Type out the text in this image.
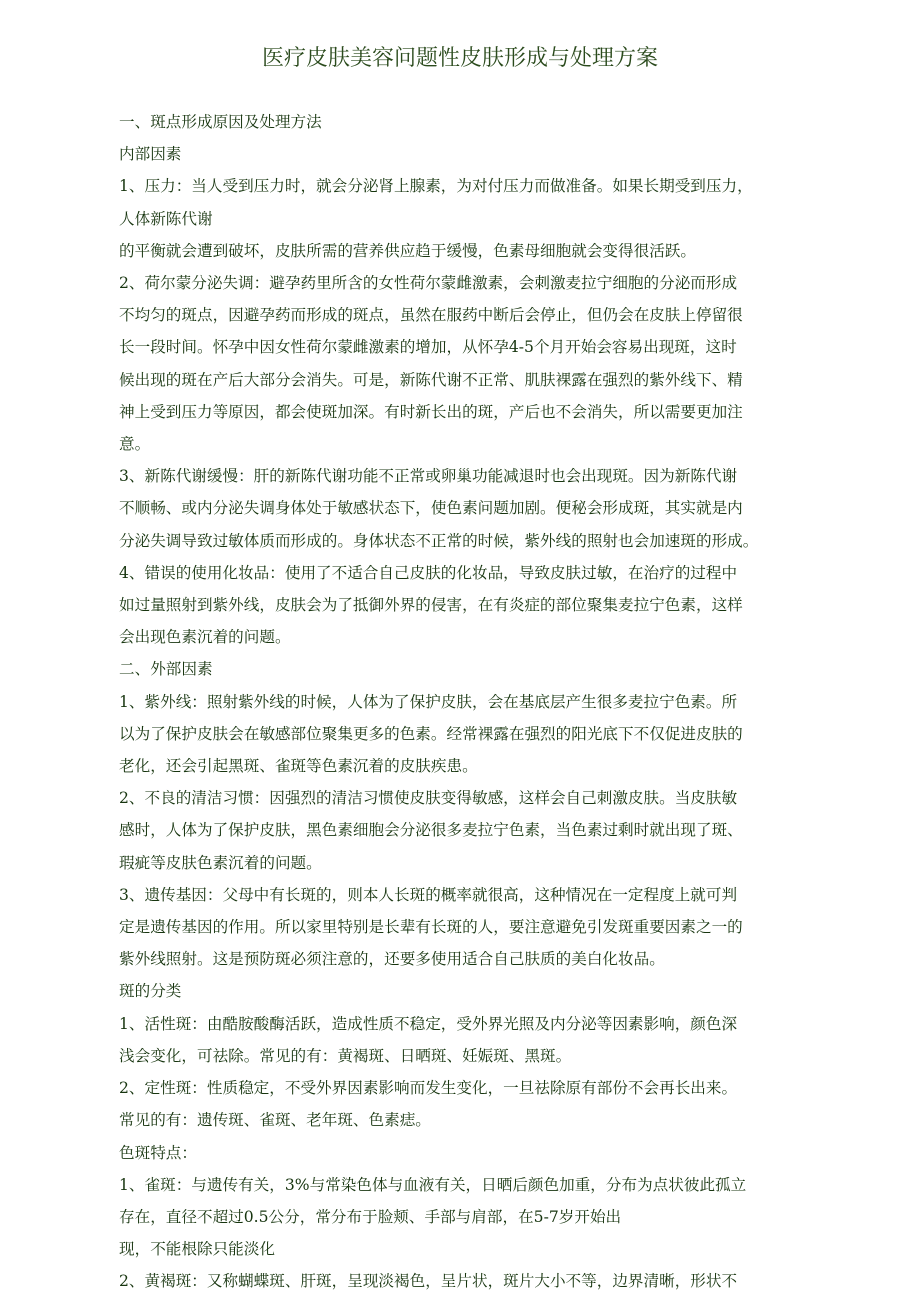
医疗皮肤美容问题性皮肤形成与处理方案

一、斑点形成原因及处理方法

内部因素

1、压力：当人受到压力时，就会分泌肾上腺素，为对付压力而做准备。如果长期受到压力，
人体新陈代谢

的平衡就会遭到破坏，皮肤所需的营养供应趋于缓慢，色素母细胞就会变得很活跃。

2、荷尔蒙分泌失调：避孕药里所含的女性荷尔蒙雌激素，会刺激麦拉宁细胞的分泌而形成
不均匀的斑点，因避孕药而形成的斑点，虽然在服药中断后会停止，但仍会在皮肤上停留很
长一段时间。怀孕中因女性荷尔蒙雌激素的增加，从怀孕4-5个月开始会容易出现斑，这时
候出现的斑在产后大部分会消失。可是，新陈代谢不正常、肌肤裸露在强烈的紫外线下、精
神上受到压力等原因，都会使斑加深。有时新长出的斑，产后也不会消失，所以需要更加注
意。

3、新陈代谢缓慢：肝的新陈代谢功能不正常或卵巢功能减退时也会出现斑。因为新陈代谢
不顺畅、或内分泌失调身体处于敏感状态下，使色素问题加剧。便秘会形成斑，其实就是内
分泌失调导致过敏体质而形成的。身体状态不正常的时候，紫外线的照射也会加速斑的形成。

4、错误的使用化妆品：使用了不适合自己皮肤的化妆品，导致皮肤过敏，在治疗的过程中
如过量照射到紫外线，皮肤会为了抵御外界的侵害，在有炎症的部位聚集麦拉宁色素，这样
会出现色素沉着的问题。

二、外部因素

1、紫外线：照射紫外线的时候，人体为了保护皮肤，会在基底层产生很多麦拉宁色素。所
以为了保护皮肤会在敏感部位聚集更多的色素。经常裸露在强烈的阳光底下不仅促进皮肤的
老化，还会引起黑斑、雀斑等色素沉着的皮肤疾患。

2、不良的清洁习惯：因强烈的清洁习惯使皮肤变得敏感，这样会自己刺激皮肤。当皮肤敏
感时，人体为了保护皮肤，黑色素细胞会分泌很多麦拉宁色素，当色素过剩时就出现了斑、
瑕疵等皮肤色素沉着的问题。

3、遗传基因：父母中有长斑的，则本人长斑的概率就很高，这种情况在一定程度上就可判
定是遗传基因的作用。所以家里特别是长辈有长斑的人，要注意避免引发斑重要因素之一的
紫外线照射。这是预防斑必须注意的，还要多使用适合自己肤质的美白化妆品。

斑的分类

1、活性斑：由酷胺酸酶活跃，造成性质不稳定，受外界光照及内分泌等因素影响，颜色深
浅会变化，可祛除。常见的有：黄褐斑、日晒斑、妊娠斑、黑斑。

2、定性斑：性质稳定，不受外界因素影响而发生变化，一旦祛除原有部份不会再长出来。
常见的有：遗传斑、雀斑、老年斑、色素痣。

色斑特点：

1、雀斑：与遗传有关，3%与常染色体与血液有关，日晒后颜色加重，分布为点状彼此孤立
存在，直径不超过0.5公分，常分布于脸颊、手部与肩部，在5-7岁开始出

现，不能根除只能淡化

2、黄褐斑：又称蝴蝶斑、肝斑，呈现淡褐色，呈片状，斑片大小不等，边界清晰，形状不
